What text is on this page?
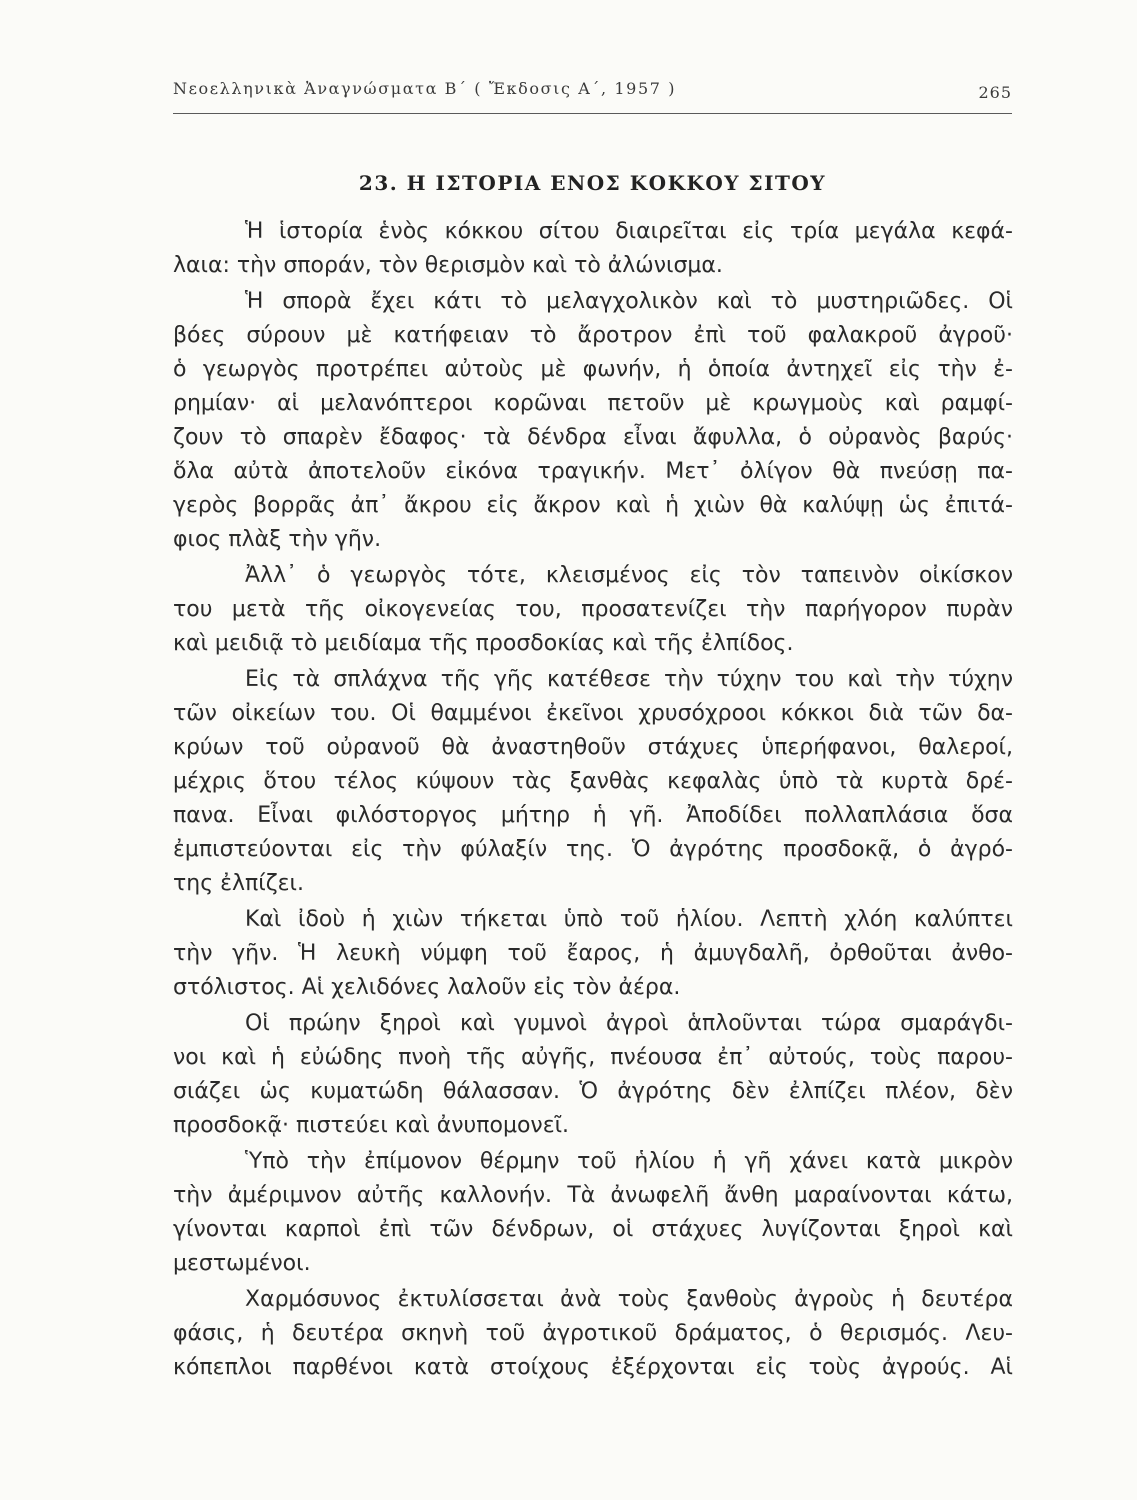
Νεοελληνικὰ Ἀναγνώσματα Β΄ ( Ἔκδοσις Α΄, 1957 )	265
23. Η ΙΣΤΟΡΙΑ ΕΝΟΣ ΚΟΚΚΟΥ ΣΙΤΟΥ
Ἡ ἱστορία ἑνὸς κόκκου σίτου διαιρεῖται εἰς τρία μεγάλα κεφά-
λαια: τὴν σποράν, τὸν θερισμὸν καὶ τὸ ἀλώνισμα.
Ἡ σπορὰ ἔχει κάτι τὸ μελαγχολικὸν καὶ τὸ μυστηριῶδες. Οἱ
βόες σύρουν μὲ κατήφειαν τὸ ἄροτρον ἐπὶ τοῦ φαλακροῦ ἀγροῦ·
ὁ γεωργὸς προτρέπει αὐτοὺς μὲ φωνήν, ἡ ὁποία ἀντηχεῖ εἰς τὴν ἐ-
ρημίαν· αἱ μελανόπτεροι κορῶναι πετοῦν μὲ κρωγμοὺς καὶ ραμφί-
ζουν τὸ σπαρὲν ἔδαφος· τὰ δένδρα εἶναι ἄφυλλα, ὁ οὐρανὸς βαρύς·
ὅλα αὐτὰ ἀποτελοῦν εἰκόνα τραγικήν. Μετ᾽ ὀλίγον θὰ πνεύσῃ πα-
γερὸς βορρᾶς ἀπ᾽ ἄκρου εἰς ἄκρον καὶ ἡ χιὼν θὰ καλύψῃ ὡς ἐπιτά-
φιος πλὰξ τὴν γῆν.
Ἀλλ᾽ ὁ γεωργὸς τότε, κλεισμένος εἰς τὸν ταπεινὸν οἰκίσκον
του μετὰ τῆς οἰκογενείας του, προσατενίζει τὴν παρήγορον πυρὰν
καὶ μειδιᾷ τὸ μειδίαμα τῆς προσδοκίας καὶ τῆς ἐλπίδος.
Εἰς τὰ σπλάχνα τῆς γῆς κατέθεσε τὴν τύχην του καὶ τὴν τύχην
τῶν οἰκείων του. Οἱ θαμμένοι ἐκεῖνοι χρυσόχροοι κόκκοι διὰ τῶν δα-
κρύων τοῦ οὐρανοῦ θὰ ἀναστηθοῦν στάχυες ὑπερήφανοι, θαλεροί,
μέχρις ὅτου τέλος κύψουν τὰς ξανθὰς κεφαλὰς ὑπὸ τὰ κυρτὰ δρέ-
πανα. Εἶναι φιλόστοργος μήτηρ ἡ γῆ. Ἀποδίδει πολλαπλάσια ὅσα
ἐμπιστεύονται εἰς τὴν φύλαξίν της. Ὁ ἀγρότης προσδοκᾷ, ὁ ἀγρό-
της ἐλπίζει.
Καὶ ἰδοὺ ἡ χιὼν τήκεται ὑπὸ τοῦ ἡλίου. Λεπτὴ χλόη καλύπτει
τὴν γῆν. Ἡ λευκὴ νύμφη τοῦ ἔαρος, ἡ ἀμυγδαλῆ, ὀρθοῦται ἀνθο-
στόλιστος. Αἱ χελιδόνες λαλοῦν εἰς τὸν ἀέρα.
Οἱ πρώην ξηροὶ καὶ γυμνοὶ ἀγροὶ ἁπλοῦνται τώρα σμαράγδι-
νοι καὶ ἡ εὐώδης πνοὴ τῆς αὐγῆς, πνέουσα ἐπ᾽ αὐτούς, τοὺς παρου-
σιάζει ὡς κυματώδη θάλασσαν. Ὁ ἀγρότης δὲν ἐλπίζει πλέον, δὲν
προσδοκᾷ· πιστεύει καὶ ἀνυπομονεῖ.
Ὑπὸ τὴν ἐπίμονον θέρμην τοῦ ἡλίου ἡ γῆ χάνει κατὰ μικρὸν
τὴν ἀμέριμνον αὐτῆς καλλονήν. Τὰ ἀνωφελῆ ἄνθη μαραίνονται κάτω,
γίνονται καρποὶ ἐπὶ τῶν δένδρων, οἱ στάχυες λυγίζονται ξηροὶ καὶ
μεστωμένοι.
Χαρμόσυνος ἐκτυλίσσεται ἀνὰ τοὺς ξανθοὺς ἀγροὺς ἡ δευτέρα
φάσις, ἡ δευτέρα σκηνὴ τοῦ ἀγροτικοῦ δράματος, ὁ θερισμός. Λευ-
κόπεπλοι παρθένοι κατὰ στοίχους ἐξέρχονται εἰς τοὺς ἀγρούς. Αἱ
